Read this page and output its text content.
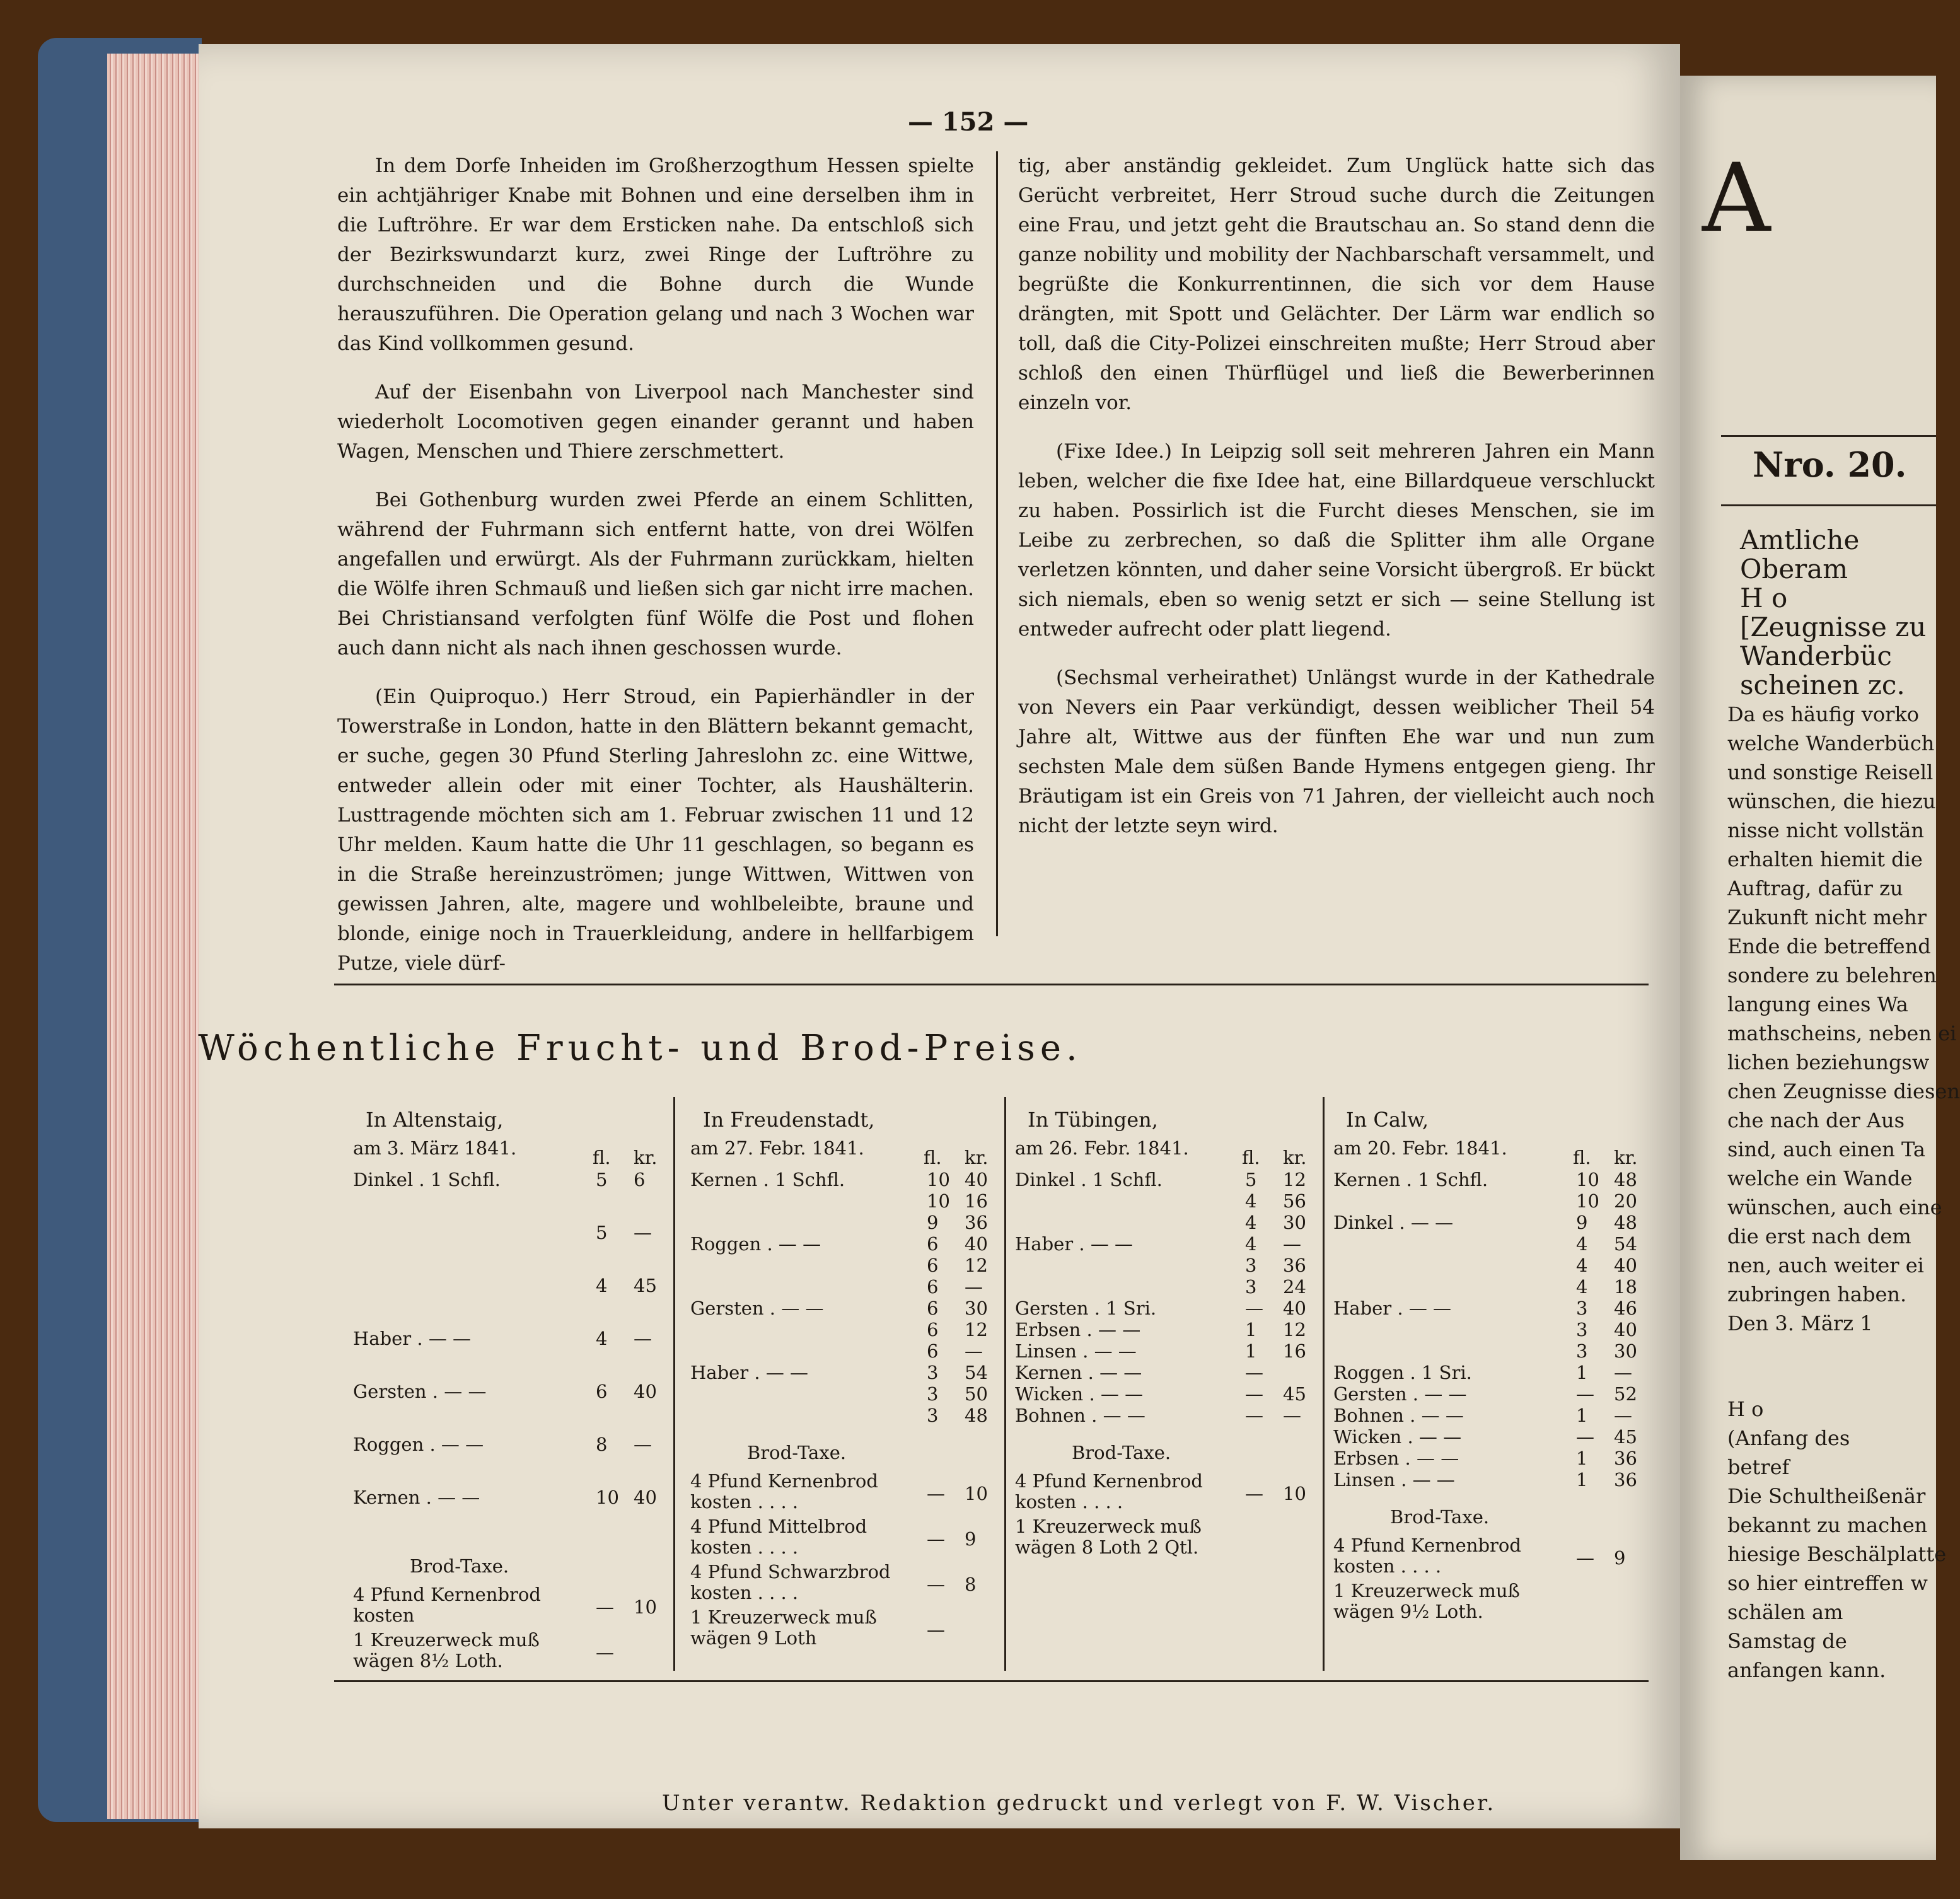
— 152 —

In dem Dorfe Inheiden im Großherzogthum Hessen spielte ein achtjähriger Knabe mit Bohnen und eine derselben ihm in die Luftröhre. Er war dem Ersticken nahe. Da entschloß sich der Bezirkswundarzt kurz, zwei Ringe der Luftröhre zu durchschneiden und die Bohne durch die Wunde herauszuführen. Die Operation gelang und nach 3 Wochen war das Kind vollkommen gesund.

Auf der Eisenbahn von Liverpool nach Manchester sind wiederholt Locomotiven gegen einander gerannt und haben Wagen, Menschen und Thiere zerschmettert.

Bei Gothenburg wurden zwei Pferde an einem Schlitten, während der Fuhrmann sich entfernt hatte, von drei Wölfen angefallen und erwürgt. Als der Fuhrmann zurückkam, hielten die Wölfe ihren Schmauß und ließen sich gar nicht irre machen. Bei Christiansand verfolgten fünf Wölfe die Post und flohen auch dann nicht als nach ihnen geschossen wurde.

(Ein Quiproquo.) Herr Stroud, ein Papierhändler in der Towerstraße in London, hatte in den Blättern bekannt gemacht, er suche, gegen 30 Pfund Sterling Jahreslohn zc. eine Wittwe, entweder allein oder mit einer Tochter, als Haushälterin. Lusttragende möchten sich am 1. Februar zwischen 11 und 12 Uhr melden. Kaum hatte die Uhr 11 geschlagen, so begann es in die Straße hereinzuströmen; junge Wittwen, Wittwen von gewissen Jahren, alte, magere und wohlbeleibte, braune und blonde, einige noch in Trauerkleidung, andere in hellfarbigem Putze, viele dürf-

tig, aber anständig gekleidet. Zum Unglück hatte sich das Gerücht verbreitet, Herr Stroud suche durch die Zeitungen eine Frau, und jetzt geht die Brautschau an. So stand denn die ganze nobility und mobility der Nachbarschaft versammelt, und begrüßte die Konkurrentinnen, die sich vor dem Hause drängten, mit Spott und Gelächter. Der Lärm war endlich so toll, daß die City-Polizei einschreiten mußte; Herr Stroud aber schloß den einen Thürflügel und ließ die Bewerberinnen einzeln vor.

(Fixe Idee.) In Leipzig soll seit mehreren Jahren ein Mann leben, welcher die fixe Idee hat, eine Billardqueue verschluckt zu haben. Possirlich ist die Furcht dieses Menschen, sie im Leibe zu zerbrechen, so daß die Splitter ihm alle Organe verletzen könnten, und daher seine Vorsicht übergroß. Er bückt sich niemals, eben so wenig setzt er sich — seine Stellung ist entweder aufrecht oder platt liegend.

(Sechsmal verheirathet) Unlängst wurde in der Kathedrale von Nevers ein Paar verkündigt, dessen weiblicher Theil 54 Jahre alt, Wittwe aus der fünften Ehe war und nun zum sechsten Male dem süßen Bande Hymens entgegen gieng. Ihr Bräutigam ist ein Greis von 71 Jahren, der vielleicht auch noch nicht der letzte seyn wird.

Wöchentliche Frucht- und Brod-Preise.
In Altenstaig,
am 3. März 1841.	fl. kr.
Dinkel . 1 Schfl.	5 6
5 —
4 45
Haber . — —	4 —
Gersten . — —	6 40
Roggen . — —	8 —
Kernen . — —	10 40
Brod-Taxe.
4 Pfund Kernenbrod kosten	— 10
1 Kreuzerweck muß wägen 8½ Loth.	—
In Freudenstadt,
am 27. Febr. 1841.	fl. kr.
Kernen . 1 Schfl.	10 40
10 16
9 36
Roggen . — —	6 40
6 12
6 —
Gersten . — —	6 30
6 12
6 —
Haber . — —	3 54
3 50
3 48
Brod-Taxe.
4 Pfund Kernenbrod kosten . . . .	— 10
4 Pfund Mittelbrod kosten . . . .	— 9
4 Pfund Schwarzbrod kosten . . . .	— 8
1 Kreuzerweck muß wägen 9 Loth	—
In Tübingen,
am 26. Febr. 1841.	fl. kr.
Dinkel . 1 Schfl.	5 12
4 56
4 30
Haber . — —	4 —
3 36
3 24
Gersten . 1 Sri.	— 40
Erbsen . — —	1 12
Linsen . — —	1 16
Kernen . — —	—
Wicken . — —	— 45
Bohnen . — —	— —
Brod-Taxe.
4 Pfund Kernenbrod kosten . . . .	— 10
1 Kreuzerweck muß wägen 8 Loth 2 Qtl.
In Calw,
am 20. Febr. 1841.	fl. kr.
Kernen . 1 Schfl.	10 48
10 20
Dinkel . — —	9 48
4 54
4 40
4 18
Haber . — —	3 46
3 40
3 30
Roggen . 1 Sri.	1 —
Gersten . — —	— 52
Bohnen . — —	1 —
Wicken . — —	— 45
Erbsen . — —	1 36
Linsen . — —	1 36
Brod-Taxe.
4 Pfund Kernenbrod kosten . . . .	— 9
1 Kreuzerweck muß wägen 9½ Loth.
Unter verantw. Redaktion gedruckt und verlegt von F. W. Vischer.
A
Nro. 20.
Amtliche
Oberam
H o
[Zeugnisse zu
Wanderbüc
scheinen zc.
Da es häufig vorko
welche Wanderbüch
und sonstige Reisell
wünschen, die hiezu
nisse nicht vollstän
erhalten hiemit die
Auftrag, dafür zu
Zukunft nicht mehr
Ende die betreffend
sondere zu belehren
langung eines Wa
mathscheins, neben ei
lichen beziehungsw
chen Zeugnisse diesen
che nach der Aus
sind, auch einen Ta
welche ein Wande
wünschen, auch eine
die erst nach dem
nen, auch weiter ei
zubringen haben.
Den 3. März 1
H o
(Anfang des
betref
Die Schultheißenär
bekannt zu machen
hiesige Beschälplatte
so hier eintreffen w
schälen am
Samstag de
anfangen kann.
